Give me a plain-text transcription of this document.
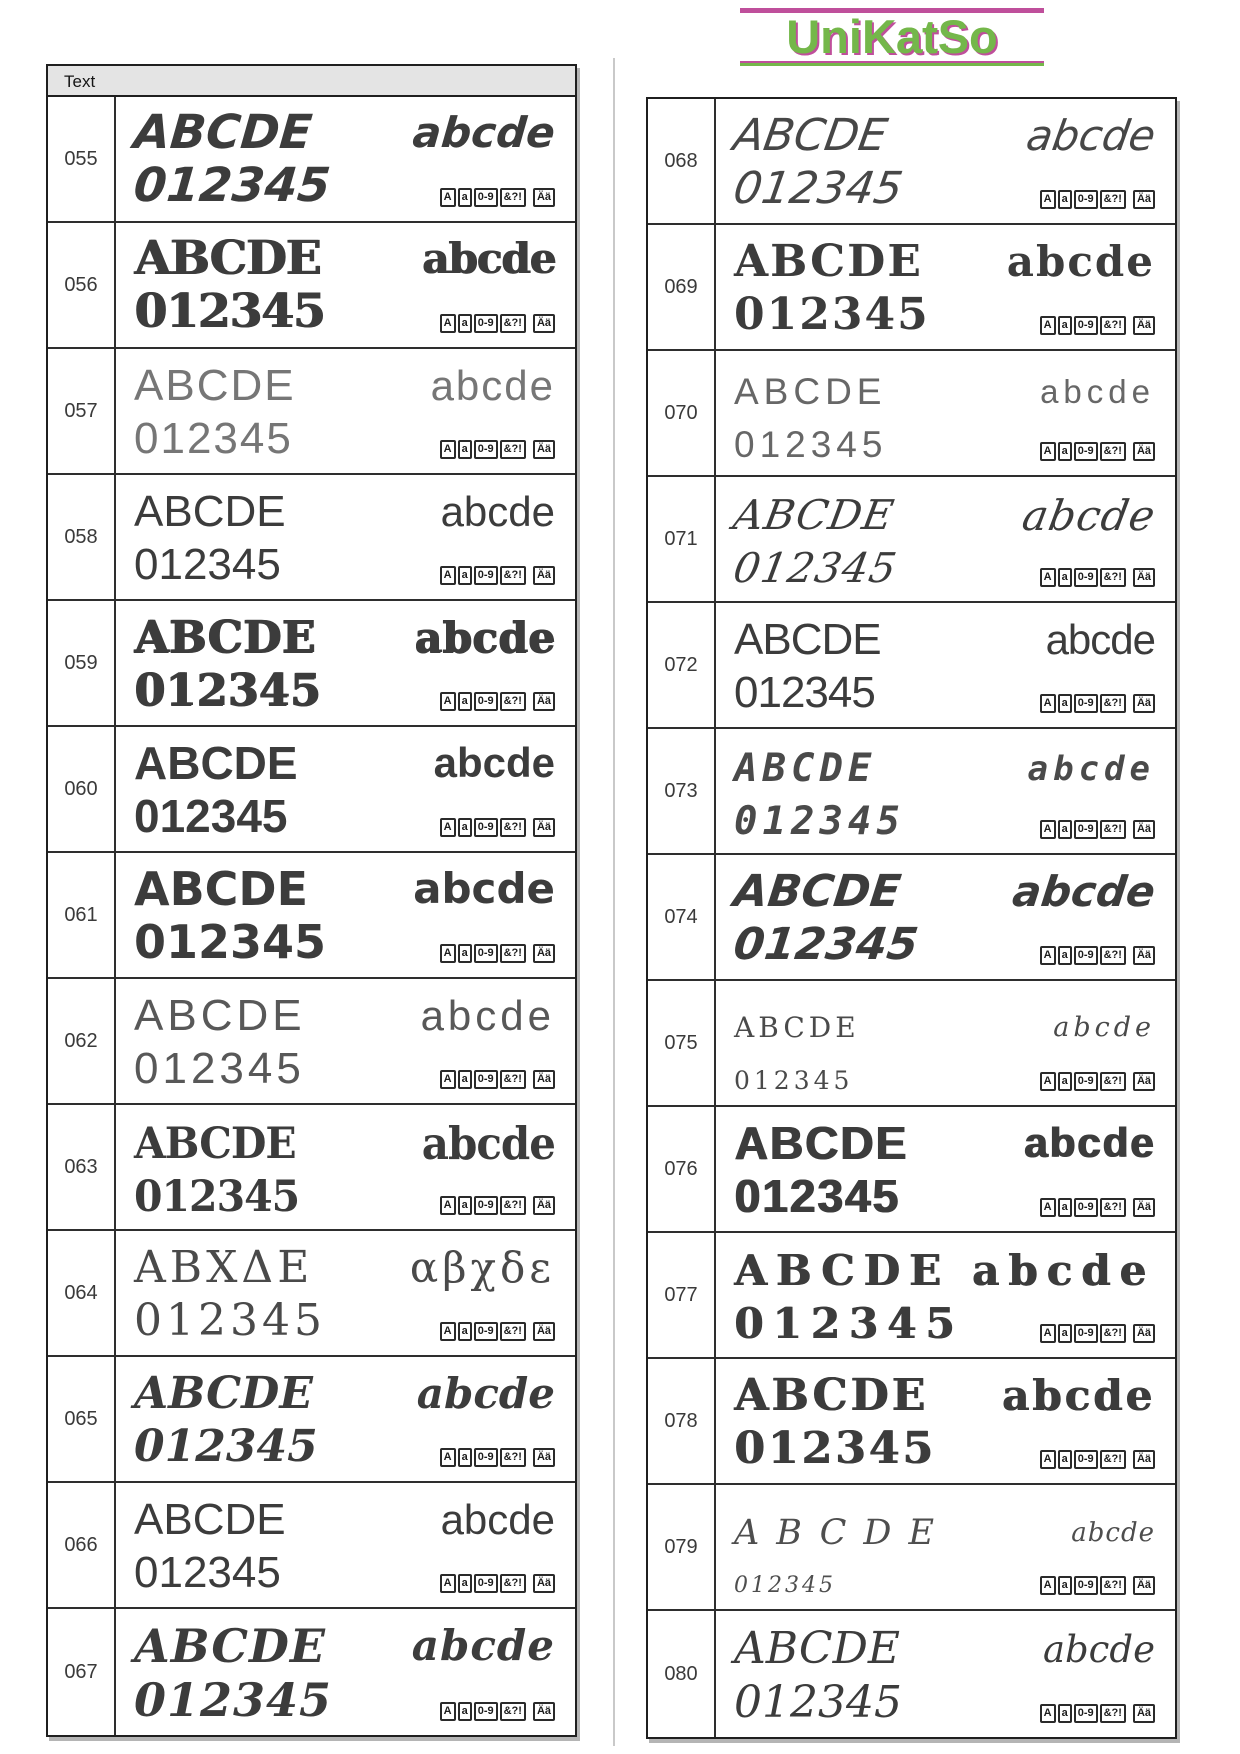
UniKatSo
Text
055 ABCDE	abcde
012345	A a 0-9 &?!	Ää
056 ABCDE	abcde
012345	A a 0-9 &?!	Ää
057
ABCDE	abcde
012345	A a 0-9 &?!	Ää
058
ABCDE	abcde
012345	A a 0-9 &?!	Ää
059 ABCDE	abcde
012345	A a 0-9 &?!	Ää
060 ABCDE	abcde
012345	A a 0-9 &?!	Ää
061 ABCDE	abcde
012345	A a 0-9 &?!	Ää
062
ABCDE	abcde
012345	A a 0-9 &?!	Ää
063 ABCDE	abcde
012345	A a 0-9 &?!	Ää
064 ΑΒΧΔΕ	αβχδε
012345	A a 0-9 &?!	Ää
065 ABCDE	abcde
012345	A a 0-9 &?!	Ää
066
ABCDE	abcde
012345	A a 0-9 &?!	Ää
067 ABCDE	abcde
012345	A a 0-9 &?!	Ää
068 ABCDE	abcde
012345	A a 0-9 &?!	Ää
069 ABCDE	abcde
012345	A a 0-9 &?!	Ää
070
ABCDE	abcde
012345	A a 0-9 &?!	Ää
071 ABCDE	abcde
012345	A a 0-9 &?!	Ää
072
ABCDE	abcde
012345	A a 0-9 &?!	Ää
073 ABCDE	abcde
012345	A a 0-9 &?!	Ää
074 ABCDE	abcde
012345	A a 0-9 &?!	Ää
075 ABCDE	abcde
012345	A a 0-9 &?!	Ää
076 ABCDE	abcde
012345	A a 0-9 &?!	Ää
077 ABCDE abcde
012345	A a 0-9 &?!	Ää
078 ABCDE	abcde
012345	A a 0-9 &?!	Ää
079 ABCDE	abcde
012345	A a 0-9 &?!	Ää
080 ABCDE	abcde
012345	A a 0-9 &?!	Ää
